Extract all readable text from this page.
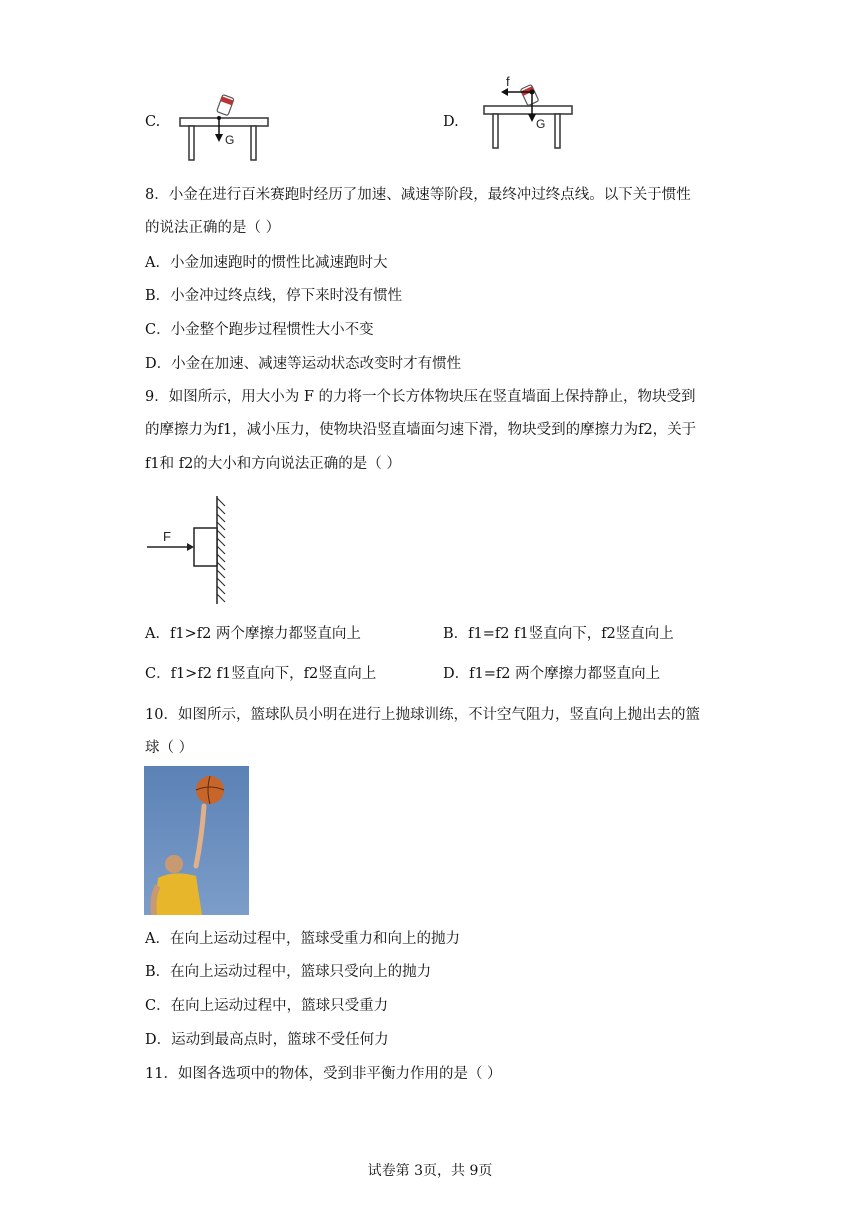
C.
G
D.
f
G
8．小金在进行百米赛跑时经历了加速、减速等阶段，最终冲过终点线。以下关于惯性
的说法正确的是（ ）
A．小金加速跑时的惯性比减速跑时大
B．小金冲过终点线，停下来时没有惯性
C．小金整个跑步过程惯性大小不变
D．小金在加速、减速等运动状态改变时才有惯性
9．如图所示，用大小为 F 的力将一个长方体物块压在竖直墙面上保持静止，物块受到
的摩擦力为f1，减小压力，使物块沿竖直墙面匀速下滑，物块受到的摩擦力为f2，关于
f1和 f2的大小和方向说法正确的是（ ）
F
A．f1>f2 两个摩擦力都竖直向上	B．f1=f2 f1竖直向下，f2竖直向上
C．f1>f2 f1竖直向下，f2竖直向上	D．f1=f2 两个摩擦力都竖直向上
10．如图所示，篮球队员小明在进行上抛球训练，不计空气阻力，竖直向上抛出去的篮
球（ ）
A．在向上运动过程中，篮球受重力和向上的抛力
B．在向上运动过程中，篮球只受向上的抛力
C．在向上运动过程中，篮球只受重力
D．运动到最高点时，篮球不受任何力
11．如图各选项中的物体，受到非平衡力作用的是（ ）
试卷第 3页，共 9页
